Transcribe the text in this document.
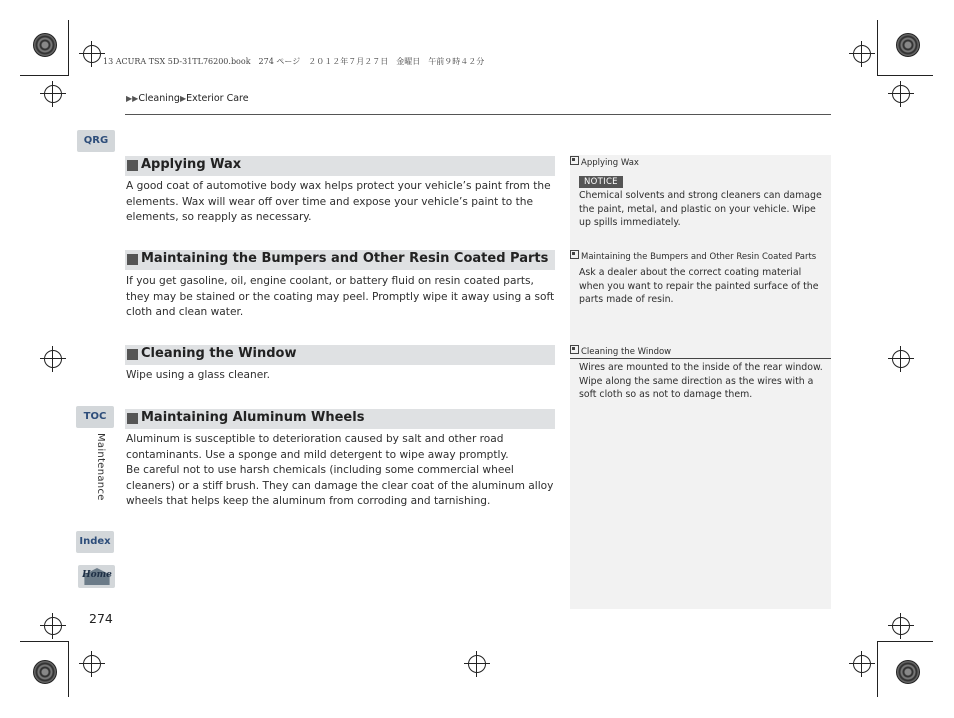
13 ACURA TSX 5D-31TL76200.book　274 ページ　２０１２年７月２７日　金曜日　午前９時４２分
▶▶Cleaning▶Exterior Care
QRG
TOC
Maintenance
Index
Home
274
Applying Wax

A good coat of automotive body wax helps protect your vehicle’s paint from the elements. Wax will wear off over time and expose your vehicle’s paint to the elements, so reapply as necessary.

Maintaining the Bumpers and Other Resin Coated Parts

If you get gasoline, oil, engine coolant, or battery fluid on resin coated parts, they may be stained or the coating may peel. Promptly wipe it away using a soft cloth and clean water.

Cleaning the Window

Wipe using a glass cleaner.

Maintaining Aluminum Wheels

Aluminum is susceptible to deterioration caused by salt and other road contaminants. Use a sponge and mild detergent to wipe away promptly.

Be careful not to use harsh chemicals (including some commercial wheel cleaners) or a stiff brush. They can damage the clear coat of the aluminum alloy wheels that helps keep the aluminum from corroding and tarnishing.

Applying Wax
NOTICE

Chemical solvents and strong cleaners can damage the paint, metal, and plastic on your vehicle. Wipe up spills immediately.

Maintaining the Bumpers and Other Resin Coated Parts

Ask a dealer about the correct coating material when you want to repair the painted surface of the parts made of resin.

Cleaning the Window

Wires are mounted to the inside of the rear window. Wipe along the same direction as the wires with a soft cloth so as not to damage them.
